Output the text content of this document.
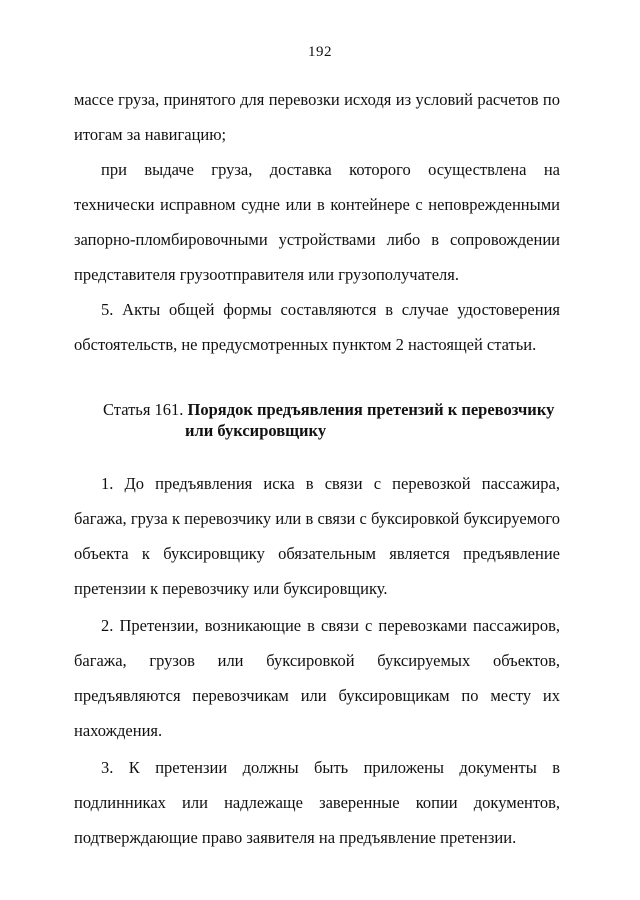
192

массе груза, принятого для перевозки исходя из условий расчетов по итогам за навигацию;

при выдаче груза, доставка которого осуществлена на технически исправном судне или в контейнере с неповрежденными запорно-пломбировочными устройствами либо в сопровождении представителя грузоотправителя или грузополучателя.

5. Акты общей формы составляются в случае удостоверения обстоятельств, не предусмотренных пунктом 2 настоящей статьи.

Статья 161. Порядок предъявления претензий к перевозчику
или буксировщику

1. До предъявления иска в связи с перевозкой пассажира, багажа, груза к перевозчику или в связи с буксировкой буксируемого объекта к буксировщику обязательным является предъявление претензии к перевозчику или буксировщику.

2. Претензии, возникающие в связи с перевозками пассажиров, багажа, грузов или буксировкой буксируемых объектов, предъявляются перевозчикам или буксировщикам по месту их нахождения.

3. К претензии должны быть приложены документы в подлинниках или надлежаще заверенные копии документов, подтверждающие право заявителя на предъявление претензии.
